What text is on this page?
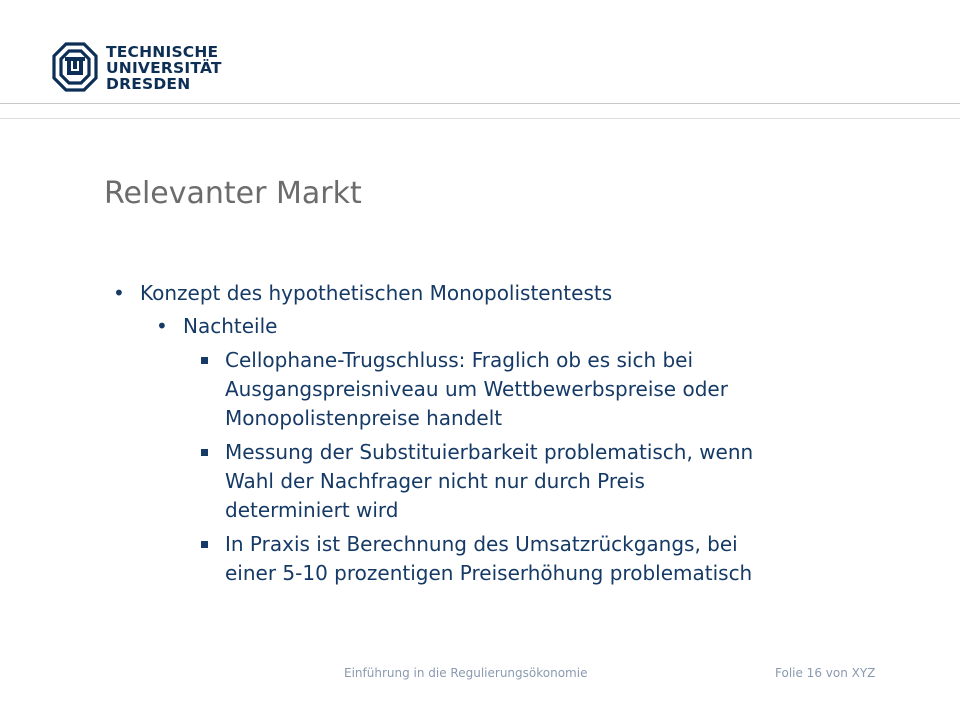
TECHNISCHE
UNIVERSITÄT
DRESDEN
Relevanter Markt
• Konzept des hypothetischen Monopolistentests
• Nachteile
Cellophane-Trugschluss: Fraglich ob es sich bei
Ausgangspreisniveau um Wettbewerbspreise oder
Monopolistenpreise handelt
Messung der Substituierbarkeit problematisch, wenn
Wahl der Nachfrager nicht nur durch Preis
determiniert wird
In Praxis ist Berechnung des Umsatzrückgangs, bei
einer 5-10 prozentigen Preiserhöhung problematisch
Einführung in die Regulierungsökonomie	Folie 16 von XYZ
